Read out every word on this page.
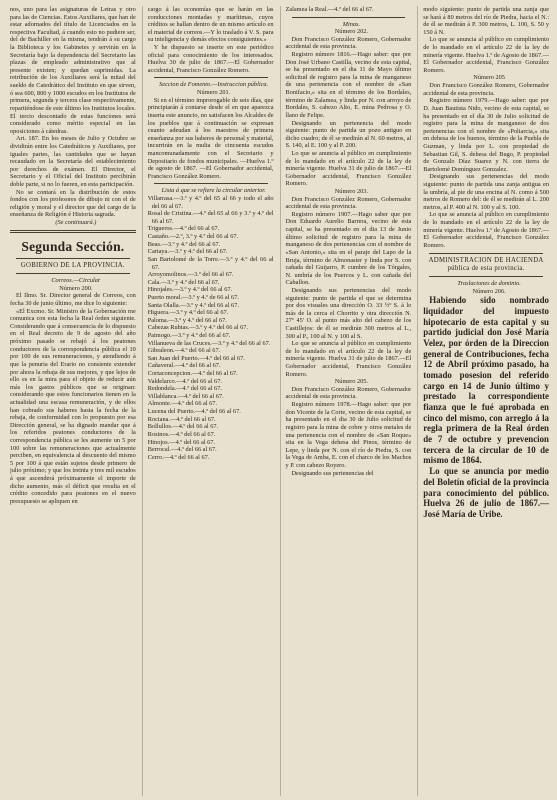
nos, uno para las asignaturas de Letras y otro para las de Ciencias. Estos Auxiliares, que han de estar adornados del título de Licenciados en la respectiva Facultad, á cuando esto no pudiere ser, del de Bachiller en la misma, tendrán á su cargo la Biblioteca y los Gabinetes y servirán en la Secretaría bajo la dependencia del Secretario las plazas de empleado administrativo que al presente existen; y quedan suprimidas. La retribución de los Auxiliares será la mitad del sueldo de Catedrático del Instituto en que sirven, ó sea 600, 800 y 1000 escudos en los Institutos de primera, segunda y tercera clase respectivamente, repartiéndose de este último los Institutos locales. El tercio descontado de estas funciones será considerado como mérito especial en las oposiciones á cátedras.

Art. 187. En los meses de Julio y Octubre se dividirán entre los Catedráticos y Auxiliares, por iguales partes, las cantidades que se hayan recaudado en la Secretaría del establecimiento por derechos de exámen. El Director, el Secretario y el Oficial del Instituto percibirán doble parte, si no lo fueren, en esta participación.

No se contará en la distribución de estos fondos con los profesores de dibujo ni con el de religión y moral y el director que del cargo de la enseñanza de Religión é Historia sagrada.

(Se continuará.)

Segunda Sección.
GOBIERNO DE LA PROVINCIA.

Correos.—Circular

Número 200.

El Ilmo. Sr. Director general de Correos, con fecha 30 de junio último, me dice lo siguiente:

«El Excmo. Sr. Ministro de la Gobernación me comunica con esta fecha la Real órden siguiente. Considerando que á consecuencia de lo dispuesto en el Real decreto de 9 de agosto del año próximo pasado se rebajó á los peatones conductores de la correspondencia pública el 10 por 100 de sus remuneraciones, y atendiendo á que la penuria del Erario no consiente extender por ahora la rebaja de sus mejores, y que lejos de ello es en la mira para el objeto de reducir aún más los gastos públicos que se originan: considerando que estos funcionarios tienen en la actualidad una escasa remuneración, y de ellos han cobrado sus haberes hasta la fecha de la rebaja, de conformidad con lo propuesto por esa Dirección general, se ha dignado mandar que á los referidos peatones conductores de la correspondencia pública se les aumente un 5 por 100 sobre las remuneraciones que actualmente perciben, en equivalencia al descuento del mismo 5 por 100 á que están sujetos desde primero de julio próximo; y que los treinta y tres mil escudos á que ascenderá próximamente el importe de dicho aumento, más el déficit que resulta en el crédito concedido para peatones en el nuevo presupuesto se apliquen en

cargo á las economías que se harán en las conducciones montadas y marítimas, cuyos créditos se hallan dentro de un mismo artículo en el material de correos.—Y lo traslado á V. S. para su inteligencia y demás efectos consiguientes.»

Y he dispuesto se inserte en este periódico oficial para conocimiento de los interesados. Huelva 30 de julio de 1867.—El Gobernador accidental, Francisco González Romero.

Seccion de Fomento.—Instruccion pública.

Número 201.

Si en el término improrogable de seis días, que principiarán á contarse desde el en que aparezca inserta este anuncio, no satisfacen los Alcaldes de los pueblos que á continuación se expresan cuanto adeudan á los maestros de primera enseñanza por sus haberes de personal y material, incurrirán en la multa de cincuenta escudos mancomunadamente con el Secretario y Depositario de fondos municipales. —Huelva 1.º de agosto de 1867. —El Gobernador accidental, Francisco González Romero.

Lista á que se refiere la circular anterior.

Villarrasa.—3.º y 4.º del 65 al 66 y todo el año del 66 al 67.
Rosal de Cristina.—4.º del 65 al 66 y 3.º y 4.º del 66 al 67.
Trigueros.—4.º del 66 al 67.
Castaño.—2.º, 3.º y 4.º del 66 al 67.
Beas.—3.º y 4.º del 66 al 67.
Cartaya.—3.º y 4.º del 66 al 67.
San Bartolomé de la Torre.—3.º y 4.º del 66 al 67.
Arroyomolinos.—3.º del 66 al 67.
Cala.—3.º y 4.º del 66 al 67.
Hinojales.—3.º y 4.º del 66 al 67.
Puerto moral.—3.º y 4.º de 66 al 67.
Santa Olalla.—3.º y 4.º del 66 al 67.
Higuera.—3.º y 4.º del 66 al 67.
Paloma.—3.º y 4.º del 66 al 67.
Cabezas Rubias.—3.º y 4.º del 66 al 67.
Paimogo.—3.º y 4.º del 66 al 67.
Villanueva de las Cruces.—3.º y 4.º del 66 al 67.
Gibraleon.—4.º del 66 al 67.
San Juan del Puerto.—4.º del 66 al 67.
Cañaveral.—4.º del 66 al 67.
Cortaconcepcion.—4.º del 66 al 67.
Valdelarco.—4.º del 66 al 67.
Redondela.—4.º del 66 al 67.
Villablanca.—4.º del 66 al 67.
Almonte.—4.º del 66 al 67.
Lucena del Puerto.—4.º del 66 al 67.
Rociana.—4.º del 66 al 67.
Bollullos.—4.º del 66 al 67.
Rosinos.—4.º del 66 al 67.
Hinojos.—4.º del 66 al 67.
Berrocal.—4.º del 66 al 67.
Cerro.—4.º del 66 al 67.

Zalamea la Real.—4.º del 66 al 67.

Minas.

Número 202.

Don Francisco González Romero, Gobernador accidental de esta provincia.

Registro número 1816.—Hago saber: que por Don José Urbano Castilla, vecino de esta capital, se ha presentado en el dia 11 de Mayo último solicitud de registro para la mina de manganeso de una pertenencia con el nombre de «San Bonifacio,» sita en el término de los Bordales, término de Zalamea, y linda por N. con arroyo de Bordales, S. cabezo Alto, E. mina Pedrosa y O. llano de Felipe.

Designando un pertenencia del modo siguiente: punto de partida un pozo antiguo en dicho cuadro; de él se medirán al N. 60 metros, al S. 140, al E. 100 y al P. 200.

Lo que se anuncia al público en cumplimiento de lo mandado en el artículo 22 de la ley de minería vigente. Huelva 31 de julio de 1867.—El Gobernador accidental, Francisco González Romero.

Número 203.

Don Francisco González Romero, Gobernador accidental de esta provincia.

Registro número 1907.—Hago saber que por Don Eduardo Aurelio Barrera, vecino de esta capital, se ha presentado en el dia 13 de Junio último solicitud de registro para la mina de manganeso de dos pertenencias con el nombre de «San Antonio,» sita en el paraje del Lapo de la Bruja, término de Almonaster y linda por S. con cañada del Guijarro, P. cumbre de los Tórgales, N. umbría de los Puercos y L. con cañada del Caballon.

Designando sus pertenencias del modo siguiente: punto de partida el que se determina por dos visuales una dirección O. 33 ½º S. á lo más de la cerca el Chorrito y otra dirección N. 27º 45' O. al punto más alto del cabezo de los Castillejos: de él se medirán 300 metros al L., 300 al P., 100 al N. y 100 al S.

Lo que se anuncia al público en cumplimiento de lo mandado en el artículo 22 de la ley de minería vigente. Huelva 31 de julio de 1867.—El Gobernador accidental, Francisco González Romero.

Número 205.

Don Francisco González Romero, Gobernador accidental de esta provincia.

Registro número 1978.—Hago saber: que por don Vicente de la Corte, vecino de esta capital, se ha presentado en el dia 30 de Julio solicitud de registro para la mina de cobre y otros metales de una pertenencia con el nombre de «San Roque» sita en la Vega dehesa del Pinos, término de Lepe, y linda por N. con el río de Piedra, S. con la Vega de Amba, E. con el charco de los Machos y P. con cabezo Royero.

Designando sus pertenencias del

modo siguiente: punto de partida una zanja que se hará á 80 metros del río de Piedra, hacia el N.: de él se medirán á P. 300 metros, L. 100, S. 50 y 150 á N.

Lo que se anuncia al público en cumplimiento de lo mandado en el artículo 22 de la ley de minería vigente. Huelva 1.º de Agosto de 1867.—El Gobernador accidental, Francisco González Romero.

Número 205

Don Francisco González Romero, Gobernador accidental de esta provincia.

Registro número 1979.—Hago saber: que por D. Juan Bautista Nido, vecino de esta capital, se ha presentado en el día 30 de Julio solicitud de registro para la mina de manganeso de dos pertenencias con el nombre de «Poliarcia,» sita en dehesa de los buenos, término de la Puebla de Guzman, y linda por L. con propiedad de Sebastian Gil, S. dehesa del Bugo, P. propiedad de Gonzalo Díaz Suarez y N. con tierra de Bartolomé Domínguez Gonzalez.

Designando sus pertenencias del modo siguiente: punto de partida una zanja antigua en la umbría, al pie de una encina al N. como á 500 metros de Romero del: de él se medirán al L. 200 metros, al P. 400 al N. 100 y al S. 100.

Lo que se anuncia al público en cumplimiento de lo mandado en el artículo 22 de la ley de minería vigente. Huelva 1.º de Agosto de 1867.—El Gobernador accidental, Francisco González Romero.

ADMINISTRACION DE HACIENDA pública de esta provincia.

Traslaciones de dominio.

Número 206.

Habiendo sido nombrado liquidador del impuesto hipotecario de esta capital y su partido judicial don José María Velez, por órden de la Direccion general de Contribuciones, fecha 12 de Abril próximo pasado, ha tomado posesion del referido cargo en 14 de Junio último y prestado la correspondiente fianza que le fué aprobada en cinco del mismo, con arreglo á la regla primera de la Real órden de 7 de octubre y prevencion tercera de la circular de 10 de mismo de 1864.

Lo que se anuncia por medio del Boletín oficial de la provincia para conocimiento del público. Huelva 26 de julio de 1867.—José María de Uribe.
